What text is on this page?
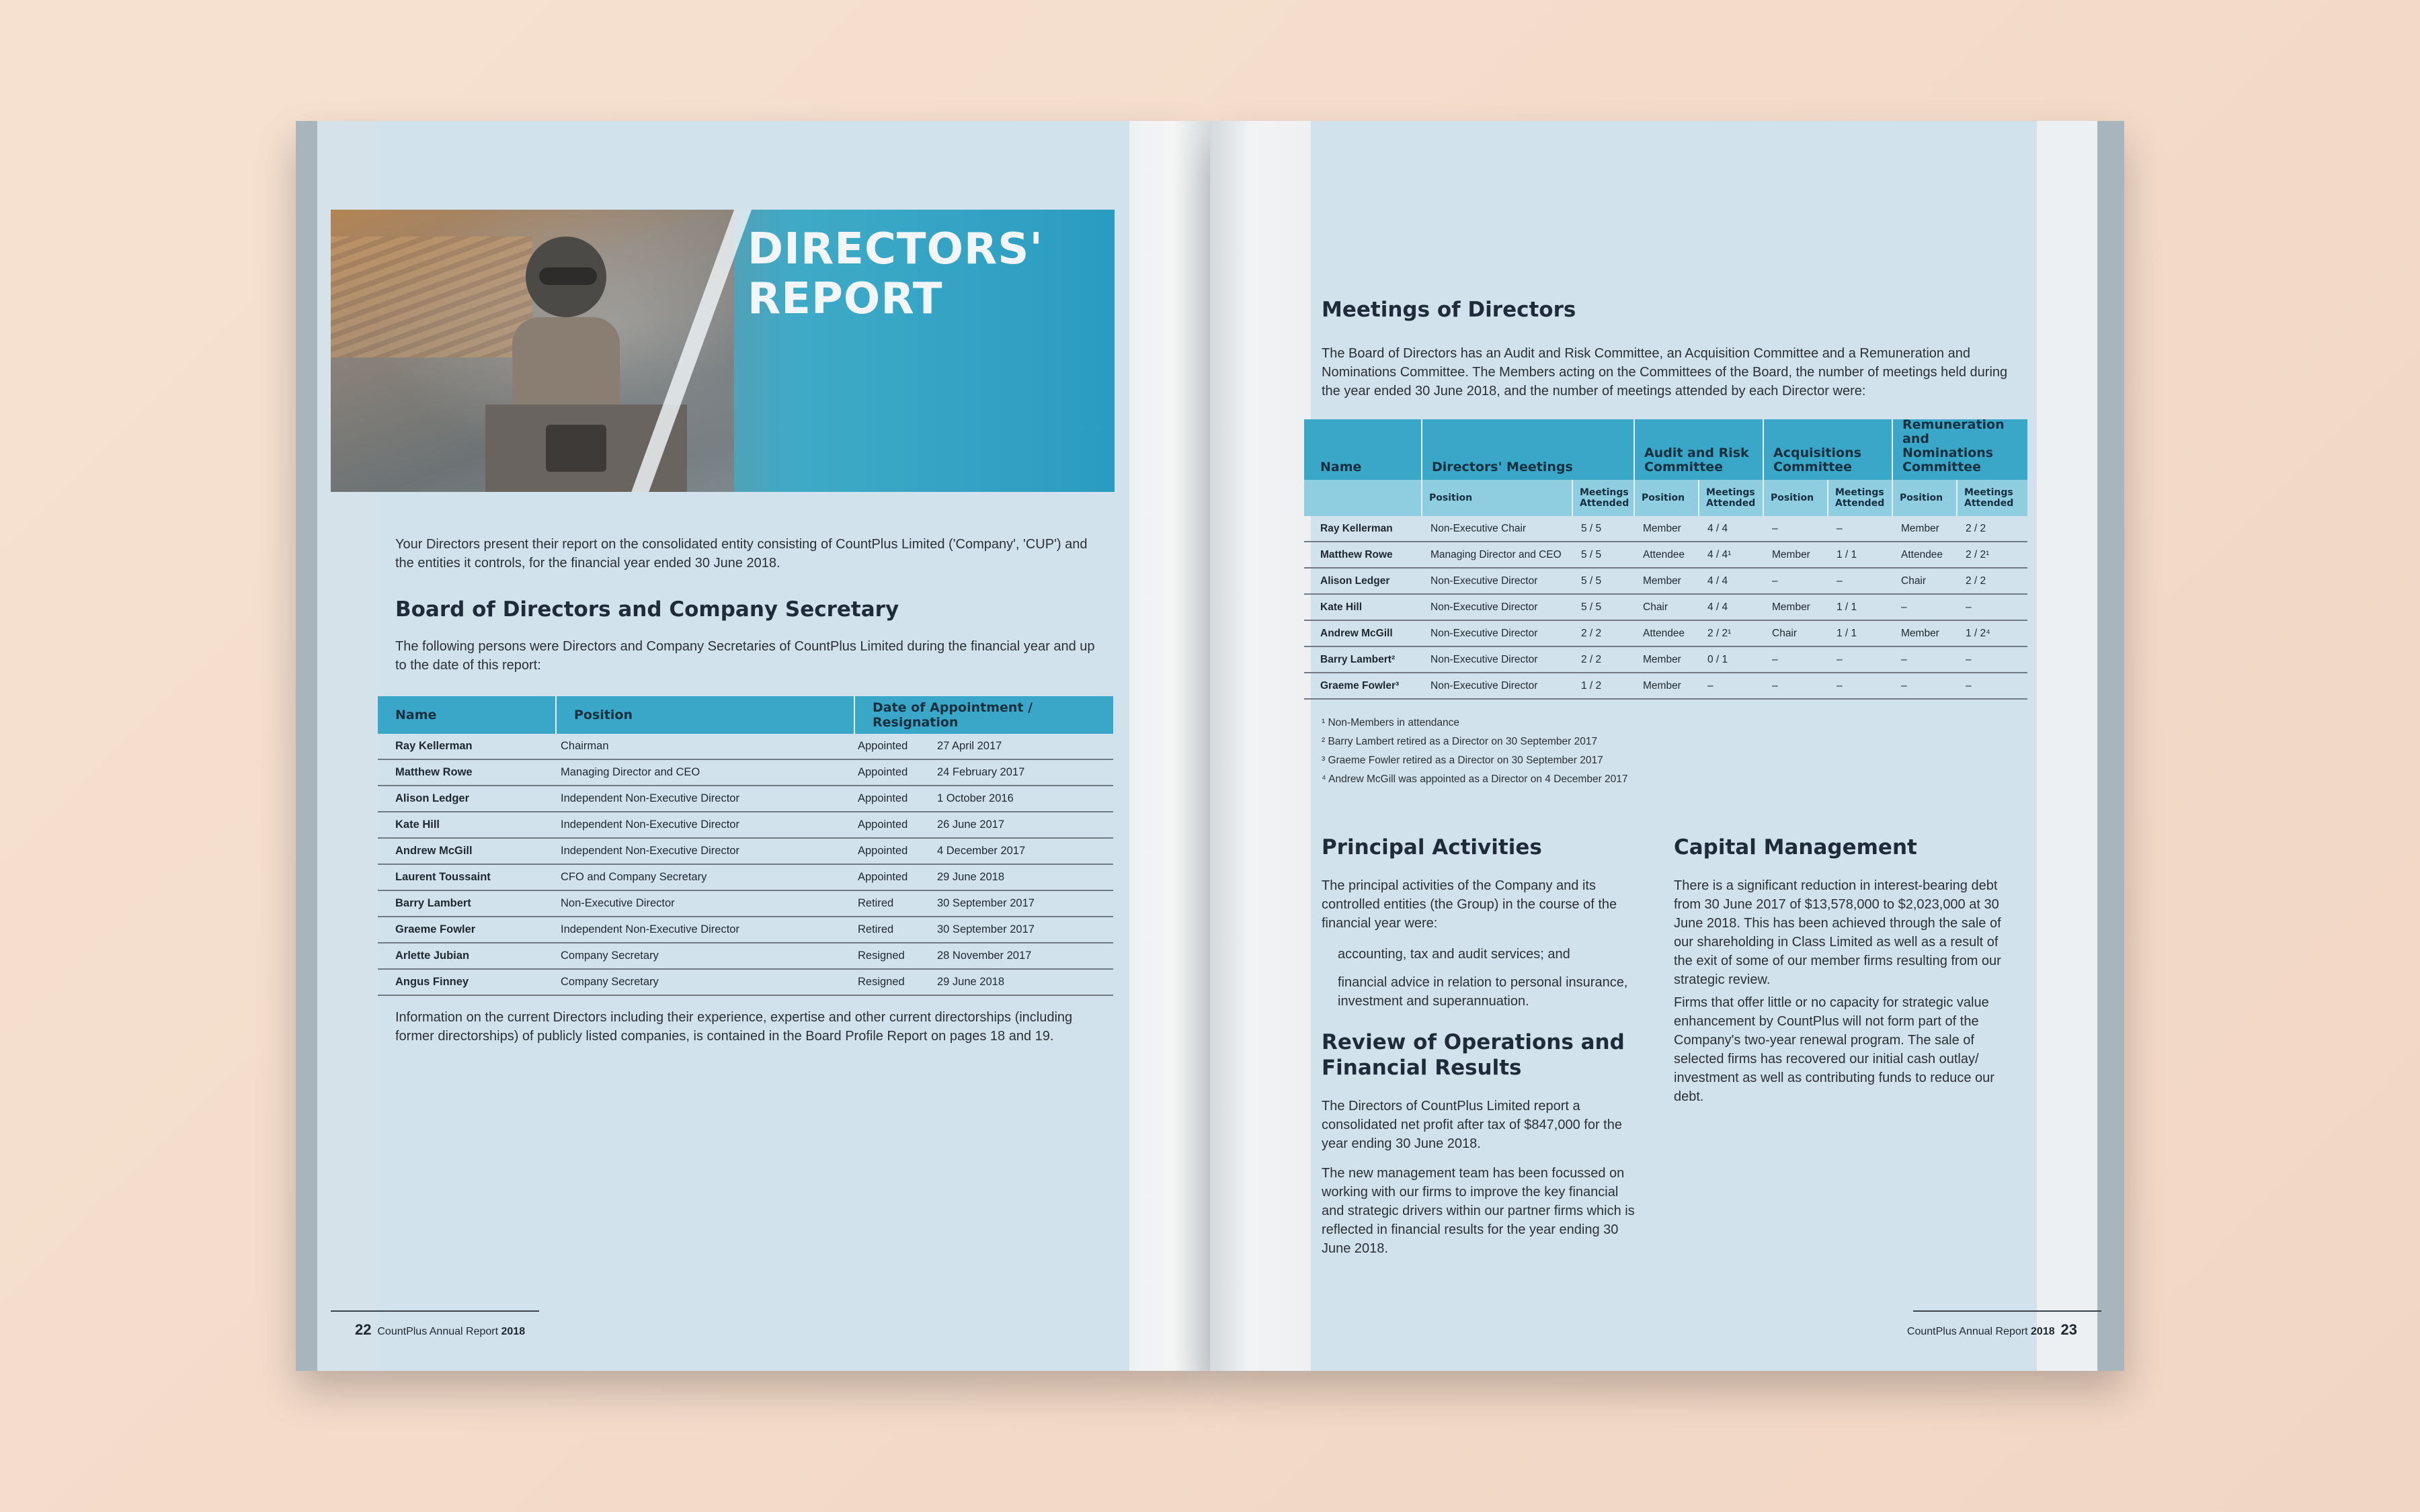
DIRECTORS'
REPORT
Your Directors present their report on the consolidated entity consisting of CountPlus Limited ('Company', 'CUP') and the entities it controls, for the financial year ended 30 June 2018.
Board of Directors and Company Secretary
The following persons were Directors and Company Secretaries of CountPlus Limited during the financial year and up to the date of this report:
Name	Position	Date of Appointment / Resignation
Ray Kellerman	Chairman	Appointed	27 April 2017
Matthew Rowe	Managing Director and CEO	Appointed	24 February 2017
Alison Ledger	Independent Non-Executive Director	Appointed	1 October 2016
Kate Hill	Independent Non-Executive Director	Appointed	26 June 2017
Andrew McGill	Independent Non-Executive Director	Appointed	4 December 2017
Laurent Toussaint	CFO and Company Secretary	Appointed	29 June 2018
Barry Lambert	Non-Executive Director	Retired	30 September 2017
Graeme Fowler	Independent Non-Executive Director	Retired	30 September 2017
Arlette Jubian	Company Secretary	Resigned	28 November 2017
Angus Finney	Company Secretary	Resigned	29 June 2018
Information on the current Directors including their experience, expertise and other current directorships (including former directorships) of publicly listed companies, is contained in the Board Profile Report on pages 18 and 19.
22 CountPlus Annual Report 2018
Meetings of Directors
The Board of Directors has an Audit and Risk Committee, an Acquisition Committee and a Remuneration and Nominations Committee. The Members acting on the Committees of the Board, the number of meetings held during the year ended 30 June 2018, and the number of meetings attended by each Director were:
Name	Directors' Meetings
Audit and Risk Committee
Acquisitions Committee
Remuneration and Nominations Committee
Position	Meetings Attended	Position	Meetings Attended	Position	Meetings Attended	Position	Meetings Attended
Ray Kellerman	Non-Executive Chair	5 / 5	Member	4 / 4	–	–	Member	2 / 2
Matthew Rowe	Managing Director and CEO	5 / 5	Attendee	4 / 4¹	Member	1 / 1	Attendee	2 / 2¹
Alison Ledger	Non-Executive Director	5 / 5	Member	4 / 4	–	–	Chair	2 / 2
Kate Hill	Non-Executive Director	5 / 5	Chair	4 / 4	Member	1 / 1	–	–
Andrew McGill	Non-Executive Director	2 / 2	Attendee	2 / 2¹	Chair	1 / 1	Member	1 / 2⁴
Barry Lambert²	Non-Executive Director	2 / 2	Member	0 / 1	–	–	–	–
Graeme Fowler³	Non-Executive Director	1 / 2	Member	–	–	–	–	–
¹ Non-Members in attendance
² Barry Lambert retired as a Director on 30 September 2017
³ Graeme Fowler retired as a Director on 30 September 2017
⁴ Andrew McGill was appointed as a Director on 4 December 2017
Principal Activities
The principal activities of the Company and its controlled entities (the Group) in the course of the financial year were:
accounting, tax and audit services; and
financial advice in relation to personal insurance, investment and superannuation.
Review of Operations and
Financial Results
The Directors of CountPlus Limited report a consolidated net profit after tax of $847,000 for the year ending 30 June 2018.
The new management team has been focussed on working with our firms to improve the key financial and strategic drivers within our partner firms which is reflected in financial results for the year ending 30 June 2018.
Capital Management
There is a significant reduction in interest-bearing debt from 30 June 2017 of $13,578,000 to $2,023,000 at 30 June 2018. This has been achieved through the sale of our shareholding in Class Limited as well as a result of the exit of some of our member firms resulting from our strategic review.
Firms that offer little or no capacity for strategic value enhancement by CountPlus will not form part of the Company's two-year renewal program. The sale of selected firms has recovered our initial cash outlay/ investment as well as contributing funds to reduce our debt.
CountPlus Annual Report 2018 23
